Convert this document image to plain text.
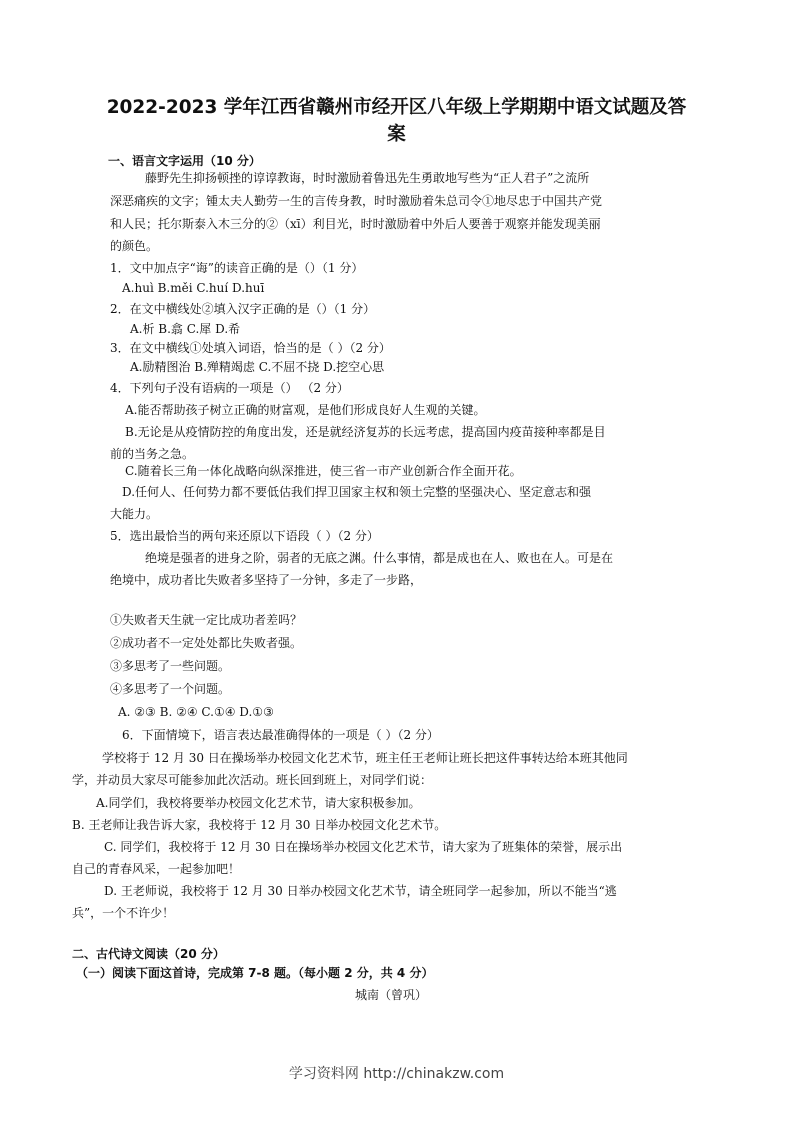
2022-2023 学年江西省赣州市经开区八年级上学期期中语文试题及答
案
一、语言文字运用（10 分）
藤野先生抑扬顿挫的谆谆教诲，时时激励着鲁迅先生勇敢地写些为“正人君子”之流所
深恶痛疾的文字；锺太夫人勤劳一生的言传身教，时时激励着朱总司令①地尽忠于中国共产党
和人民；托尔斯泰入木三分的②（xī）利目光，时时激励着中外后人要善于观察并能发现美丽
的颜色。
1．文中加点字“诲”的读音正确的是（）（1 分）
A.huì B.měi C.huí D.huī
2．在文中横线处②填入汉字正确的是（）（1 分）
A.析 B.翕 C.犀 D.希
3．在文中横线①处填入词语，恰当的是（ ）（2 分）
A.励精图治 B.殚精竭虑 C.不屈不挠 D.挖空心思
4．下列句子没有语病的一项是（） （2 分）
A.能否帮助孩子树立正确的财富观，是他们形成良好人生观的关键。
B.无论是从疫情防控的角度出发，还是就经济复苏的长远考虑，提高国内疫苗接种率都是目
前的当务之急。
C.随着长三角一体化战略向纵深推进，使三省一市产业创新合作全面开花。
D.任何人、任何势力都不要低估我们捍卫国家主权和领土完整的坚强决心、坚定意志和强
大能力。
5．选出最恰当的两句来还原以下语段（ ）（2 分）
绝境是强者的进身之阶，弱者的无底之渊。什么事情，都是成也在人、败也在人。可是在
绝境中，成功者比失败者多坚持了一分钟，多走了一步路，
①失败者天生就一定比成功者差吗？
②成功者不一定处处都比失败者强。
③多思考了一些问题。
④多思考了一个问题。
A. ②③ B. ②④ C.①④ D.①③
6．下面情境下，语言表达最准确得体的一项是（ ）（2 分）
学校将于 12 月 30 日在操场举办校园文化艺术节，班主任王老师让班长把这件事转达给本班其他同
学，并动员大家尽可能参加此次活动。班长回到班上，对同学们说：
A.同学们，我校将要举办校园文化艺术节，请大家积极参加。
B. 王老师让我告诉大家，我校将于 12 月 30 日举办校园文化艺术节。
C. 同学们，我校将于 12 月 30 日在操场举办校园文化艺术节，请大家为了班集体的荣誉，展示出
自己的青春风采，一起参加吧！
D. 王老师说，我校将于 12 月 30 日举办校园文化艺术节，请全班同学一起参加，所以不能当“逃
兵”，一个不许少！
二、古代诗文阅读（20 分）
（一）阅读下面这首诗，完成第 7-8 题。（每小题 2 分，共 4 分）
城南（曾巩）
学习资料网 http://chinakzw.com
